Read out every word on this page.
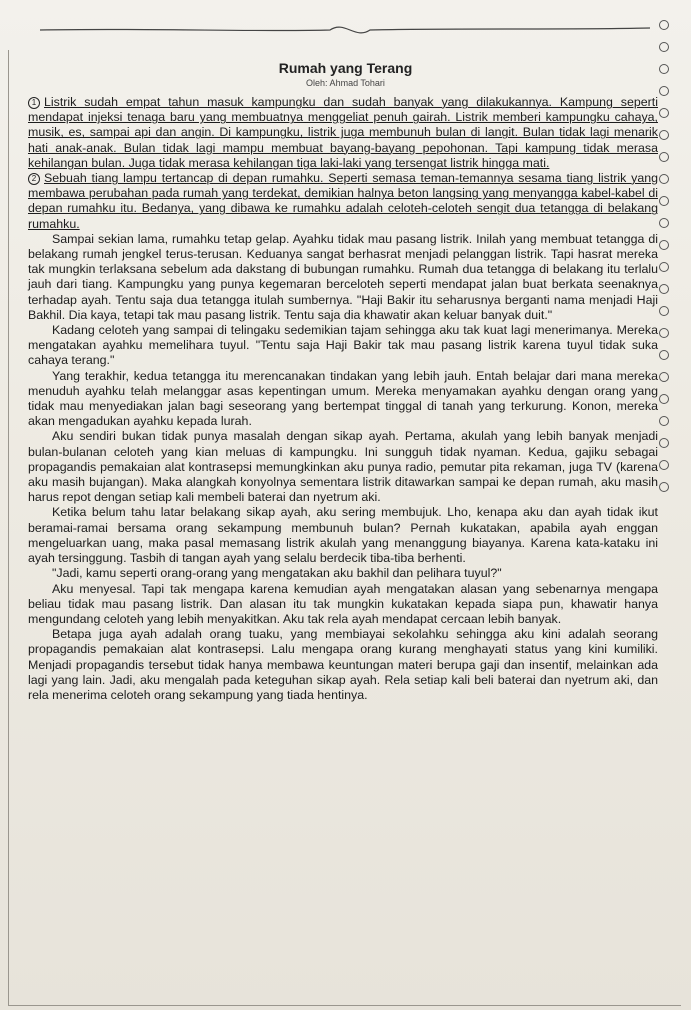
Rumah yang Terang
Oleh: Ahmad Tohari

1 Listrik sudah empat tahun masuk kampungku dan sudah banyak yang dilakukannya. Kampung seperti mendapat injeksi tenaga baru yang membuatnya menggeliat penuh gairah. Listrik memberi kampungku cahaya, musik, es, sampai api dan angin. Di kampungku, listrik juga membunuh bulan di langit. Bulan tidak lagi menarik hati anak-anak. Bulan tidak lagi mampu membuat bayang-bayang pepohonan. Tapi kampung tidak merasa kehilangan bulan. Juga tidak merasa kehilangan tiga laki-laki yang tersengat listrik hingga mati.

2 Sebuah tiang lampu tertancap di depan rumahku. Seperti semasa teman-temannya sesama tiang listrik yang membawa perubahan pada rumah yang terdekat, demikian halnya beton langsing yang menyangga kabel-kabel di depan rumahku itu. Bedanya, yang dibawa ke rumahku adalah celoteh-celoteh sengit dua tetangga di belakang rumahku.

Sampai sekian lama, rumahku tetap gelap. Ayahku tidak mau pasang listrik. Inilah yang membuat tetangga di belakang rumah jengkel terus-terusan. Keduanya sangat berhasrat menjadi pelanggan listrik. Tapi hasrat mereka tak mungkin terlaksana sebelum ada dakstang di bubungan rumahku. Rumah dua tetangga di belakang itu terlalu jauh dari tiang. Kampungku yang punya kegemaran berceloteh seperti mendapat jalan buat berkata seenaknya terhadap ayah. Tentu saja dua tetangga itulah sumbernya. "Haji Bakir itu seharusnya berganti nama menjadi Haji Bakhil. Dia kaya, tetapi tak mau pasang listrik. Tentu saja dia khawatir akan keluar banyak duit."

Kadang celoteh yang sampai di telingaku sedemikian tajam sehingga aku tak kuat lagi menerimanya. Mereka mengatakan ayahku memelihara tuyul. "Tentu saja Haji Bakir tak mau pasang listrik karena tuyul tidak suka cahaya terang."

Yang terakhir, kedua tetangga itu merencanakan tindakan yang lebih jauh. Entah belajar dari mana mereka menuduh ayahku telah melanggar asas kepentingan umum. Mereka menyamakan ayahku dengan orang yang tidak mau menyediakan jalan bagi seseorang yang bertempat tinggal di tanah yang terkurung. Konon, mereka akan mengadukan ayahku kepada lurah.

Aku sendiri bukan tidak punya masalah dengan sikap ayah. Pertama, akulah yang lebih banyak menjadi bulan-bulanan celoteh yang kian meluas di kampungku. Ini sungguh tidak nyaman. Kedua, gajiku sebagai propagandis pemakaian alat kontrasepsi memungkinkan aku punya radio, pemutar pita rekaman, juga TV (karena aku masih bujangan). Maka alangkah konyolnya sementara listrik ditawarkan sampai ke depan rumah, aku masih harus repot dengan setiap kali membeli baterai dan nyetrum aki.

Ketika belum tahu latar belakang sikap ayah, aku sering membujuk. Lho, kenapa aku dan ayah tidak ikut beramai-ramai bersama orang sekampung membunuh bulan? Pernah kukatakan, apabila ayah enggan mengeluarkan uang, maka pasal memasang listrik akulah yang menanggung biayanya. Karena kata-kataku ini ayah tersinggung. Tasbih di tangan ayah yang selalu berdecik tiba-tiba berhenti.

"Jadi, kamu seperti orang-orang yang mengatakan aku bakhil dan pelihara tuyul?"

Aku menyesal. Tapi tak mengapa karena kemudian ayah mengatakan alasan yang sebenarnya mengapa beliau tidak mau pasang listrik. Dan alasan itu tak mungkin kukatakan kepada siapa pun, khawatir hanya mengundang celoteh yang lebih menyakitkan. Aku tak rela ayah mendapat cercaan lebih banyak.

Betapa juga ayah adalah orang tuaku, yang membiayai sekolahku sehingga aku kini adalah seorang propagandis pemakaian alat kontrasepsi. Lalu mengapa orang kurang menghayati status yang kini kumiliki. Menjadi propagandis tersebut tidak hanya membawa keuntungan materi berupa gaji dan insentif, melainkan ada lagi yang lain. Jadi, aku mengalah pada keteguhan sikap ayah. Rela setiap kali beli baterai dan nyetrum aki, dan rela menerima celoteh orang sekampung yang tiada hentinya.
